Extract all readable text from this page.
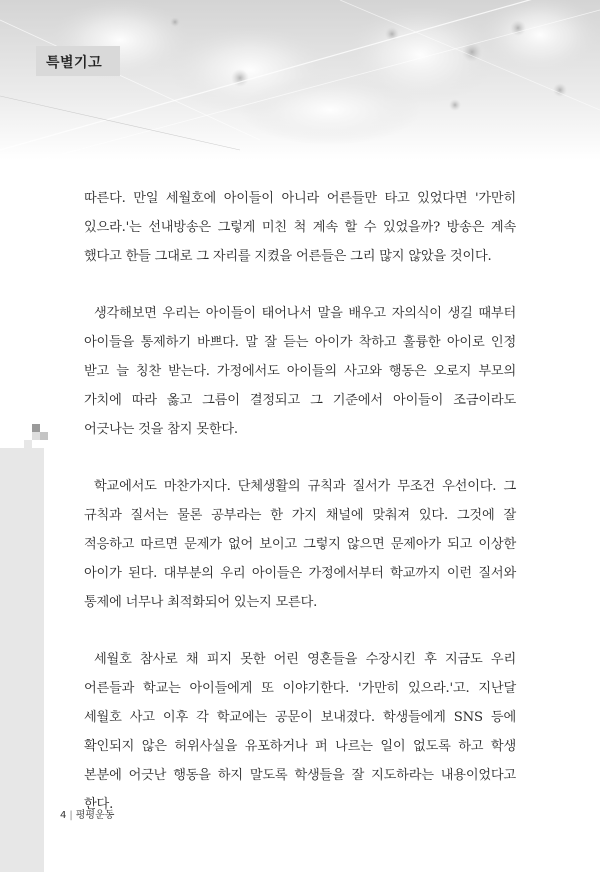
특별기고

따른다. 만일 세월호에 아이들이 아니라 어른들만 타고 있었다면 '가만히 있으라.'는 선내방송은 그렇게 미친 척 계속 할 수 있었을까? 방송은 계속 했다고 한들 그대로 그 자리를 지켰을 어른들은 그리 많지 않았을 것이다.

생각해보면 우리는 아이들이 태어나서 말을 배우고 자의식이 생길 때부터 아이들을 통제하기 바쁘다. 말 잘 듣는 아이가 착하고 훌륭한 아이로 인정 받고 늘 칭찬 받는다. 가정에서도 아이들의 사고와 행동은 오로지 부모의 가치에 따라 옳고 그름이 결정되고 그 기준에서 아이들이 조금이라도 어긋나는 것을 참지 못한다.

학교에서도 마찬가지다. 단체생활의 규칙과 질서가 무조건 우선이다. 그 규칙과 질서는 물론 공부라는 한 가지 채널에 맞춰져 있다. 그것에 잘 적응하고 따르면 문제가 없어 보이고 그렇지 않으면 문제아가 되고 이상한 아이가 된다. 대부분의 우리 아이들은 가정에서부터 학교까지 이런 질서와 통제에 너무나 최적화되어 있는지 모른다.

세월호 참사로 채 피지 못한 어린 영혼들을 수장시킨 후 지금도 우리 어른들과 학교는 아이들에게 또 이야기한다. '가만히 있으라.'고. 지난달 세월호 사고 이후 각 학교에는 공문이 보내졌다. 학생들에게 SNS 등에 확인되지 않은 허위사실을 유포하거나 퍼 나르는 일이 없도록 하고 학생 본분에 어긋난 행동을 하지 말도록 학생들을 잘 지도하라는 내용이었다고 한다.

4 | 평평운동
